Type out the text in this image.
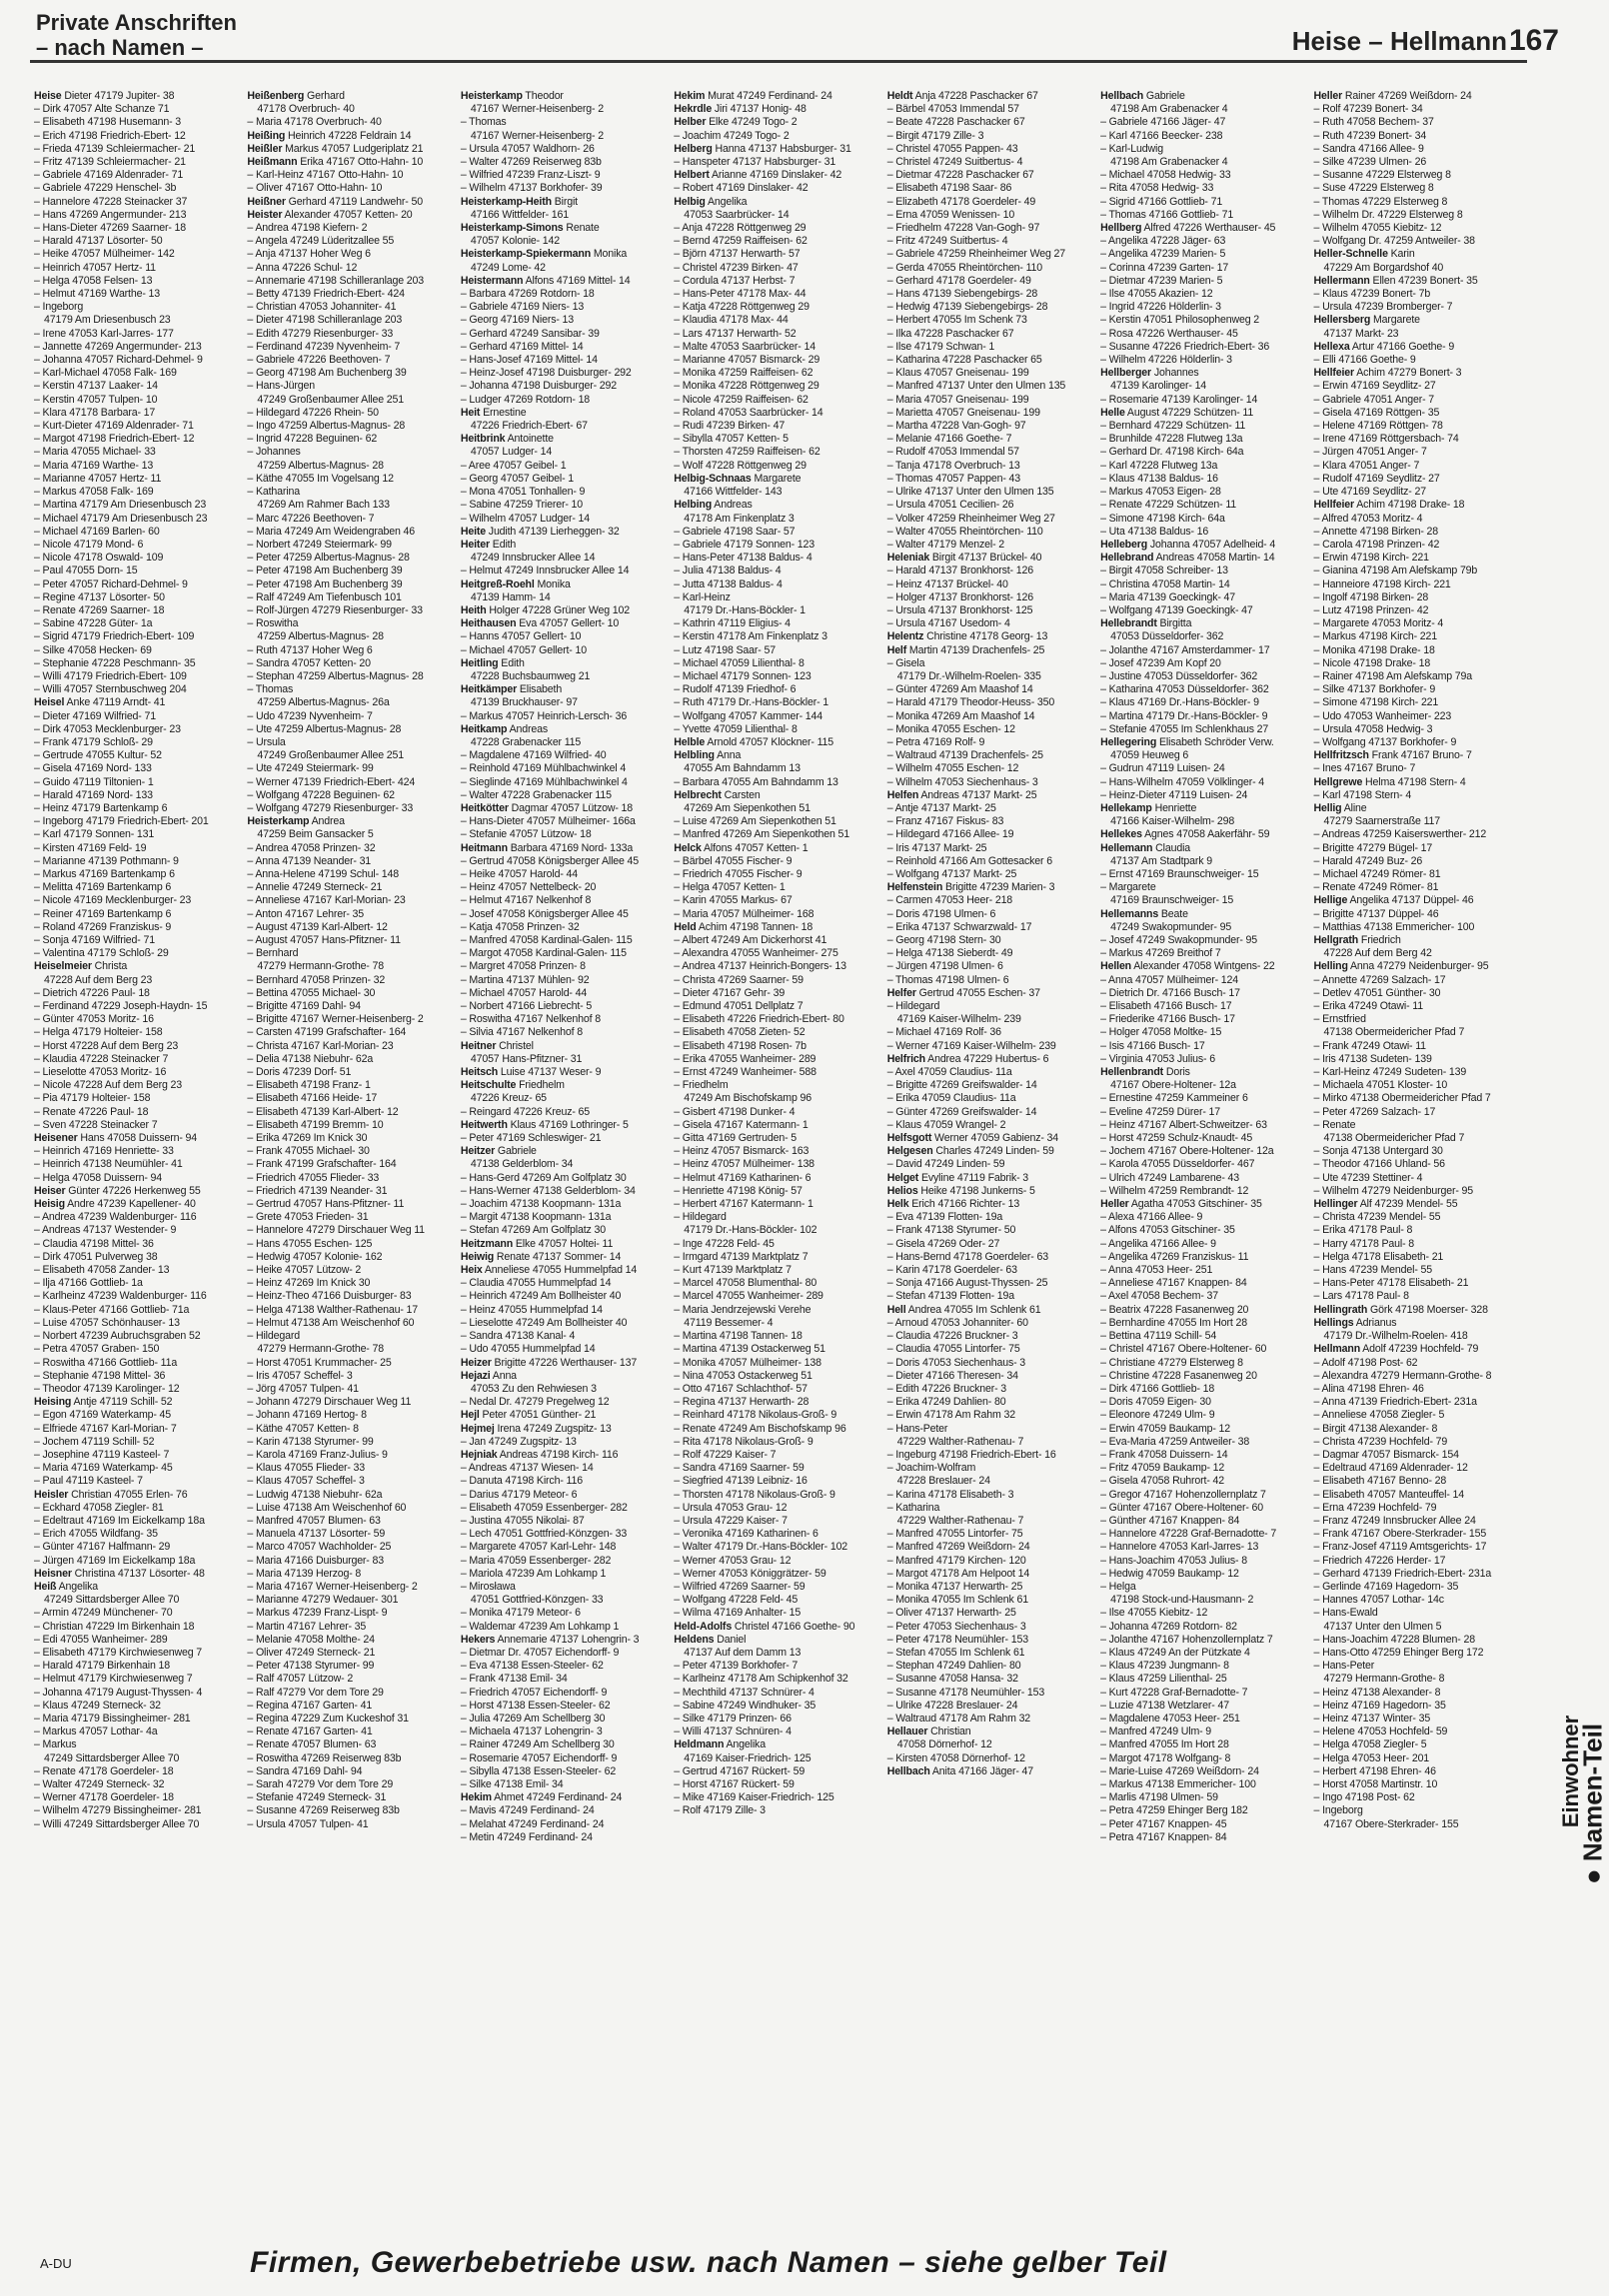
Private Anschriften
– nach Namen –	Heise – Hellmann 167
Heise Dieter 47179 Jupiter- 38
– Dirk 47057 Alte Schanze 71
– Elisabeth 47198 Husemann- 3
– Erich 47198 Friedrich-Ebert- 12
– Frieda 47139 Schleiermacher- 21
– Fritz 47139 Schleiermacher- 21
– Gabriele 47169 Aldenrader- 71
– Gabriele 47229 Henschel- 3b
– Hannelore 47228 Steinacker 37
– Hans 47269 Angermunder- 213
– Hans-Dieter 47269 Saarner- 18
– Harald 47137 Lösorter- 50
– Heike 47057 Mülheimer- 142
– Heinrich 47057 Hertz- 11
– Helga 47058 Felsen- 13
– Helmut 47169 Warthe- 13
– Ingeborg
47179 Am Driesenbusch 23
– Irene 47053 Karl-Jarres- 177
– Jannette 47269 Angermunder- 213
– Johanna 47057 Richard-Dehmel- 9
– Karl-Michael 47058 Falk- 169
– Kerstin 47137 Laaker- 14
– Kerstin 47057 Tulpen- 10
– Klara 47178 Barbara- 17
– Kurt-Dieter 47169 Aldenrader- 71
– Margot 47198 Friedrich-Ebert- 12
– Maria 47055 Michael- 33
– Maria 47169 Warthe- 13
– Marianne 47057 Hertz- 11
– Markus 47058 Falk- 169
– Martina 47179 Am Driesenbusch 23
– Michael 47179 Am Driesenbusch 23
– Michael 47169 Barlen- 60
– Nicole 47179 Mond- 6
– Nicole 47178 Oswald- 109
– Paul 47055 Dorn- 15
– Peter 47057 Richard-Dehmel- 9
– Regine 47137 Lösorter- 50
– Renate 47269 Saarner- 18
– Sabine 47228 Güter- 1a
– Sigrid 47179 Friedrich-Ebert- 109
– Silke 47058 Hecken- 69
– Stephanie 47228 Peschmann- 35
– Willi 47179 Friedrich-Ebert- 109
– Willi 47057 Sternbuschweg 204
Heisel Anke 47119 Arndt- 41
– Dieter 47169 Wilfried- 71
– Dirk 47053 Mecklenburger- 23
– Frank 47179 Schloß- 29
– Gertrude 47055 Kultur- 52
– Gisela 47169 Nord- 133
– Guido 47119 Tiltonien- 1
– Harald 47169 Nord- 133
– Heinz 47179 Bartenkamp 6
– Ingeborg 47179 Friedrich-Ebert- 201
– Karl 47179 Sonnen- 131
– Kirsten 47169 Feld- 19
– Marianne 47139 Pothmann- 9
– Markus 47169 Bartenkamp 6
– Melitta 47169 Bartenkamp 6
– Nicole 47169 Mecklenburger- 23
– Reiner 47169 Bartenkamp 6
– Roland 47269 Franziskus- 9
– Sonja 47169 Wilfried- 71
– Valentina 47179 Schloß- 29
Heiselmeier Christa
47228 Auf dem Berg 23
– Dietrich 47226 Paul- 18
– Ferdinand 47229 Joseph-Haydn- 15
– Günter 47053 Moritz- 16
– Helga 47179 Holteier- 158
– Horst 47228 Auf dem Berg 23
– Klaudia 47228 Steinacker 7
– Lieselotte 47053 Moritz- 16
– Nicole 47228 Auf dem Berg 23
– Pia 47179 Holteier- 158
– Renate 47226 Paul- 18
– Sven 47228 Steinacker 7
Heisener Hans 47058 Duissern- 94
– Heinrich 47169 Henriette- 33
– Heinrich 47138 Neumühler- 41
– Helga 47058 Duissern- 94
Heiser Günter 47226 Herkenweg 55
Heisig Andre 47239 Kapellener- 40
– Andrea 47239 Waldenburger- 116
– Andreas 47137 Westender- 9
– Claudia 47198 Mittel- 36
– Dirk 47051 Pulverweg 38
– Elisabeth 47058 Zander- 13
– Ilja 47166 Gottlieb- 1a
– Karlheinz 47239 Waldenburger- 116
– Klaus-Peter 47166 Gottlieb- 71a
– Luise 47057 Schönhauser- 13
– Norbert 47239 Aubruchsgraben 52
– Petra 47057 Graben- 150
– Roswitha 47166 Gottlieb- 11a
– Stephanie 47198 Mittel- 36
– Theodor 47139 Karolinger- 12
Heising Antje 47119 Schill- 52
– Egon 47169 Waterkamp- 45
– Elfriede 47167 Karl-Morian- 7
– Jochem 47119 Schill- 52
– Josephine 47119 Kasteel- 7
– Maria 47169 Waterkamp- 45
– Paul 47119 Kasteel- 7
Heisler Christian 47055 Erlen- 76
– Eckhard 47058 Ziegler- 81
– Edeltraut 47169 Im Eickelkamp 18a
– Erich 47055 Wildfang- 35
– Günter 47167 Halfmann- 29
– Jürgen 47169 Im Eickelkamp 18a
Heisner Christina 47137 Lösorter- 48
Heiß Angelika
47249 Sittardsberger Allee 70
– Armin 47249 Münchener- 70
– Christian 47229 Im Birkenhain 18
– Edi 47055 Wanheimer- 289
– Elisabeth 47179 Kirchwiesenweg 7
– Harald 47179 Birkenhain 18
– Helmut 47179 Kirchwiesenweg 7
– Johanna 47179 August-Thyssen- 4
– Klaus 47249 Sterneck- 32
– Maria 47179 Bissingheimer- 281
– Markus 47057 Lothar- 4a
– Markus
47249 Sittardsberger Allee 70
– Renate 47178 Goerdeler- 18
– Walter 47249 Sterneck- 32
– Werner 47178 Goerdeler- 18
– Wilhelm 47279 Bissingheimer- 281
– Willi 47249 Sittardsberger Allee 70
Heißenberg Gerhard
47178 Overbruch- 40
– Maria 47178 Overbruch- 40
Heißing Heinrich 47228 Feldrain 14
Heißler Markus 47057 Ludgeriplatz 21
Heißmann Erika 47167 Otto-Hahn- 10
– Karl-Heinz 47167 Otto-Hahn- 10
– Oliver 47167 Otto-Hahn- 10
Heißner Gerhard 47119 Landwehr- 50
Heister Alexander 47057 Ketten- 20
– Andrea 47198 Kiefern- 2
– Angela 47249 Lüderitzallee 55
– Anja 47137 Hoher Weg 6
– Anna 47226 Schul- 12
– Annemarie 47198 Schilleranlage 203
– Betty 47139 Friedrich-Ebert- 424
– Christian 47053 Johanniter- 41
– Dieter 47198 Schilleranlage 203
– Edith 47279 Riesenburger- 33
– Ferdinand 47239 Nyvenheim- 7
– Gabriele 47226 Beethoven- 7
– Georg 47198 Am Buchenberg 39
– Hans-Jürgen
47249 Großenbaumer Allee 251
– Hildegard 47226 Rhein- 50
– Ingo 47259 Albertus-Magnus- 28
– Ingrid 47228 Beguinen- 62
– Johannes
47259 Albertus-Magnus- 28
– Käthe 47055 Im Vogelsang 12
– Katharina
47269 Am Rahmer Bach 133
– Marc 47226 Beethoven- 7
– Maria 47249 Am Weidengraben 46
– Norbert 47249 Steiermark- 99
– Peter 47259 Albertus-Magnus- 28
– Peter 47198 Am Buchenberg 39
– Peter 47198 Am Buchenberg 39
– Ralf 47249 Am Tiefenbusch 101
– Rolf-Jürgen 47279 Riesenburger- 33
– Roswitha
47259 Albertus-Magnus- 28
– Ruth 47137 Hoher Weg 6
– Sandra 47057 Ketten- 20
– Stephan 47259 Albertus-Magnus- 28
– Thomas
47259 Albertus-Magnus- 26a
– Udo 47239 Nyvenheim- 7
– Ute 47259 Albertus-Magnus- 28
– Ursula
47249 Großenbaumer Allee 251
– Ute 47249 Steiermark- 99
– Werner 47139 Friedrich-Ebert- 424
– Wolfgang 47228 Beguinen- 62
– Wolfgang 47279 Riesenburger- 33
Heisterkamp Andrea
47259 Beim Gansacker 5
– Andrea 47058 Prinzen- 32
– Anna 47139 Neander- 31
– Anna-Helene 47199 Schul- 148
– Annelie 47249 Sterneck- 21
– Anneliese 47167 Karl-Morian- 23
– Anton 47167 Lehrer- 35
– August 47139 Karl-Albert- 12
– August 47057 Hans-Pfitzner- 11
– Bernhard
47279 Hermann-Grothe- 78
– Bernhard 47058 Prinzen- 32
– Bettina 47055 Michael- 30
– Brigitte 47169 Dahl- 94
– Brigitte 47167 Werner-Heisenberg- 2
– Carsten 47199 Grafschafter- 164
– Christa 47167 Karl-Morian- 23
– Delia 47138 Niebuhr- 62a
– Doris 47239 Dorf- 51
– Elisabeth 47198 Franz- 1
– Elisabeth 47166 Heide- 17
– Elisabeth 47139 Karl-Albert- 12
– Elisabeth 47199 Bremm- 10
– Erika 47269 Im Knick 30
– Frank 47055 Michael- 30
– Frank 47199 Grafschafter- 164
– Friedrich 47055 Flieder- 33
– Friedrich 47139 Neander- 31
– Gertrud 47057 Hans-Pfitzner- 11
– Grete 47053 Frieden- 31
– Hannelore 47279 Dirschauer Weg 11
– Hans 47055 Eschen- 125
– Hedwig 47057 Kolonie- 162
– Heike 47057 Lützow- 2
– Heinz 47269 Im Knick 30
– Heinz-Theo 47166 Duisburger- 83
– Helga 47138 Walther-Rathenau- 17
– Helmut 47138 Am Weischenhof 60
– Hildegard
47279 Hermann-Grothe- 78
– Horst 47051 Krummacher- 25
– Iris 47057 Scheffel- 3
– Jörg 47057 Tulpen- 41
– Johann 47279 Dirschauer Weg 11
– Johann 47169 Hertog- 8
– Käthe 47057 Ketten- 8
– Karin 47138 Styrumer- 99
– Karola 47169 Franz-Julius- 9
– Klaus 47055 Flieder- 33
– Klaus 47057 Scheffel- 3
– Ludwig 47138 Niebuhr- 62a
– Luise 47138 Am Weischenhof 60
– Manfred 47057 Blumen- 63
– Manuela 47137 Lösorter- 59
– Marco 47057 Wachholder- 25
– Maria 47166 Duisburger- 83
– Maria 47139 Herzog- 8
– Maria 47167 Werner-Heisenberg- 2
– Marianne 47279 Wedauer- 301
– Markus 47239 Franz-Lispt- 9
– Martin 47167 Lehrer- 35
– Melanie 47058 Molthe- 24
– Oliver 47249 Sterneck- 21
– Peter 47138 Styrumer- 99
– Ralf 47057 Lützow- 2
– Ralf 47279 Vor dem Tore 29
– Regina 47167 Garten- 41
– Regina 47229 Zum Kuckeshof 31
– Renate 47167 Garten- 41
– Renate 47057 Blumen- 63
– Roswitha 47269 Reiserweg 83b
– Sandra 47169 Dahl- 94
– Sarah 47279 Vor dem Tore 29
– Stefanie 47249 Sterneck- 31
– Susanne 47269 Reiserweg 83b
– Ursula 47057 Tulpen- 41
Heisterkamp Theodor
47167 Werner-Heisenberg- 2
– Thomas
47167 Werner-Heisenberg- 2
– Ursula 47057 Waldhorn- 26
– Walter 47269 Reiserweg 83b
– Wilfried 47239 Franz-Liszt- 9
– Wilhelm 47137 Borkhofer- 39
Heisterkamp-Heith Birgit
47166 Wittfelder- 161
Heisterkamp-Simons Renate
47057 Kolonie- 142
Heisterkamp-Spiekermann Monika
47249 Lome- 42
Heistermann Alfons 47169 Mittel- 14
– Barbara 47269 Rotdorn- 18
– Gabriele 47169 Niers- 13
– Georg 47169 Niers- 13
– Gerhard 47249 Sansibar- 39
– Gerhard 47169 Mittel- 14
– Hans-Josef 47169 Mittel- 14
– Heinz-Josef 47198 Duisburger- 292
– Johanna 47198 Duisburger- 292
– Ludger 47269 Rotdorn- 18
Heit Ernestine
47226 Friedrich-Ebert- 67
Heitbrink Antoinette
47057 Ludger- 14
– Aree 47057 Geibel- 1
– Georg 47057 Geibel- 1
– Mona 47051 Tonhallen- 9
– Sabine 47259 Trierer- 10
– Wilhelm 47057 Ludger- 14
Heite Judith 47139 Lierheggen- 32
Heiter Edith
47249 Innsbrucker Allee 14
– Helmut 47249 Innsbrucker Allee 14
Heitgreß-Roehl Monika
47139 Hamm- 14
Heith Holger 47228 Grüner Weg 102
Heithausen Eva 47057 Gellert- 10
– Hanns 47057 Gellert- 10
– Michael 47057 Gellert- 10
Heitling Edith
47228 Buchsbaumweg 21
Heitkämper Elisabeth
47139 Bruckhauser- 97
– Markus 47057 Heinrich-Lersch- 36
Heitkamp Andreas
47228 Grabenacker 115
– Magdalene 47169 Wilfried- 40
– Reinhold 47169 Mühlbachwinkel 4
– Sieglinde 47169 Mühlbachwinkel 4
– Walter 47228 Grabenacker 115
Heitkötter Dagmar 47057 Lützow- 18
– Hans-Dieter 47057 Mülheimer- 166a
– Stefanie 47057 Lützow- 18
Heitmann Barbara 47169 Nord- 133a
– Gertrud 47058 Königsberger Allee 45
– Heike 47057 Harold- 44
– Heinz 47057 Nettelbeck- 20
– Helmut 47167 Nelkenhof 8
– Josef 47058 Königsberger Allee 45
– Katja 47058 Prinzen- 32
– Manfred 47058 Kardinal-Galen- 115
– Margot 47058 Kardinal-Galen- 115
– Margret 47058 Prinzen- 8
– Martina 47137 Mühlen- 92
– Michael 47057 Harold- 44
– Norbert 47166 Liebrecht- 5
– Roswitha 47167 Nelkenhof 8
– Silvia 47167 Nelkenhof 8
Heitner Christel
47057 Hans-Pfitzner- 31
Heitsch Luise 47137 Weser- 9
Heitschulte Friedhelm
47226 Kreuz- 65
– Reingard 47226 Kreuz- 65
Heitwerth Klaus 47169 Lothringer- 5
– Peter 47169 Schleswiger- 21
Heitzer Gabriele
47138 Gelderblom- 34
– Hans-Gerd 47269 Am Golfplatz 30
– Hans-Werner 47138 Gelderblom- 34
– Joachim 47138 Koopmann- 131a
– Margit 47138 Koopmann- 131a
– Stefan 47269 Am Golfplatz 30
Heitzmann Elke 47057 Holtei- 11
Heiwig Renate 47137 Sommer- 14
Heix Anneliese 47055 Hummelpfad 14
– Claudia 47055 Hummelpfad 14
– Heinrich 47249 Am Bollheister 40
– Heinz 47055 Hummelpfad 14
– Lieselotte 47249 Am Bollheister 40
– Sandra 47138 Kanal- 4
– Udo 47055 Hummelpfad 14
Heizer Brigitte 47226 Werthauser- 137
Hejazi Anna
47053 Zu den Rehwiesen 3
– Nedal Dr. 47279 Pregelweg 12
Hejl Peter 47051 Günther- 21
Hejmej Irena 47249 Zugspitz- 13
– Jan 47249 Zugspitz- 13
Hejniak Andreas 47198 Kirch- 116
– Andreas 47137 Wiesen- 14
– Danuta 47198 Kirch- 116
– Darius 47179 Meteor- 6
– Elisabeth 47059 Essenberger- 282
– Justina 47055 Nikolai- 87
– Lech 47051 Gottfried-Könzgen- 33
– Margarete 47057 Karl-Lehr- 148
– Maria 47059 Essenberger- 282
– Mariola 47239 Am Lohkamp 1
– Mirosława
47051 Gottfried-Könzgen- 33
– Monika 47179 Meteor- 6
– Waldemar 47239 Am Lohkamp 1
Hekers Annemarie 47137 Lohengrin- 3
– Dietmar Dr. 47057 Eichendorff- 9
– Eva 47138 Essen-Steeler- 62
– Frank 47138 Emil- 34
– Friedrich 47057 Eichendorff- 9
– Horst 47138 Essen-Steeler- 62
– Julia 47269 Am Schellberg 30
– Michaela 47137 Lohengrin- 3
– Rainer 47249 Am Schellberg 30
– Rosemarie 47057 Eichendorff- 9
– Sibylla 47138 Essen-Steeler- 62
– Silke 47138 Emil- 34
Hekim Ahmet 47249 Ferdinand- 24
– Mavis 47249 Ferdinand- 24
– Melahat 47249 Ferdinand- 24
– Metin 47249 Ferdinand- 24
Hekim Murat 47249 Ferdinand- 24
Hekrdle Jiri 47137 Honig- 48
Helber Elke 47249 Togo- 2
– Joachim 47249 Togo- 2
Helberg Hanna 47137 Habsburger- 31
– Hanspeter 47137 Habsburger- 31
Helbert Arianne 47169 Dinslaker- 42
– Robert 47169 Dinslaker- 42
Helbig Angelika
47053 Saarbrücker- 14
– Anja 47228 Röttgenweg 29
– Bernd 47259 Raiffeisen- 62
– Björn 47137 Herwarth- 57
– Christel 47239 Birken- 47
– Cordula 47137 Herbst- 7
– Hans-Peter 47178 Max- 44
– Katja 47228 Röttgenweg 29
– Klaudia 47178 Max- 44
– Lars 47137 Herwarth- 52
– Malte 47053 Saarbrücker- 14
– Marianne 47057 Bismarck- 29
– Monika 47259 Raiffeisen- 62
– Monika 47228 Röttgenweg 29
– Nicole 47259 Raiffeisen- 62
– Roland 47053 Saarbrücker- 14
– Rudi 47239 Birken- 47
– Sibylla 47057 Ketten- 5
– Thorsten 47259 Raiffeisen- 62
– Wolf 47228 Röttgenweg 29
Helbig-Schnaas Margarete
47166 Wittfelder- 143
Helbing Andreas
47178 Am Finkenplatz 3
– Gabriele 47198 Saar- 57
– Gabriele 47179 Sonnen- 123
– Hans-Peter 47138 Baldus- 4
– Julia 47138 Baldus- 4
– Jutta 47138 Baldus- 4
– Karl-Heinz
47179 Dr.-Hans-Böckler- 1
– Kathrin 47119 Eligius- 4
– Kerstin 47178 Am Finkenplatz 3
– Lutz 47198 Saar- 57
– Michael 47059 Lilienthal- 8
– Michael 47179 Sonnen- 123
– Rudolf 47139 Friedhof- 6
– Ruth 47179 Dr.-Hans-Böckler- 1
– Wolfgang 47057 Kammer- 144
– Yvette 47059 Lilienthal- 8
Helble Arnold 47057 Klöckner- 115
Helbling Anna
47055 Am Bahndamm 13
– Barbara 47055 Am Bahndamm 13
Helbrecht Carsten
47269 Am Siepenkothen 51
– Luise 47269 Am Siepenkothen 51
– Manfred 47269 Am Siepenkothen 51
Helck Alfons 47057 Ketten- 1
– Bärbel 47055 Fischer- 9
– Friedrich 47055 Fischer- 9
– Helga 47057 Ketten- 1
– Karin 47055 Markus- 67
– Maria 47057 Mülheimer- 168
Held Achim 47198 Tannen- 18
– Albert 47249 Am Dickerhorst 41
– Alexandra 47055 Wanheimer- 275
– Andrea 47137 Heinrich-Bongers- 13
– Christa 47269 Saarner- 59
– Dieter 47167 Gehr- 39
– Edmund 47051 Dellplatz 7
– Elisabeth 47226 Friedrich-Ebert- 80
– Elisabeth 47058 Zieten- 52
– Elisabeth 47198 Rosen- 7b
– Erika 47055 Wanheimer- 289
– Ernst 47249 Wanheimer- 588
– Friedhelm
47249 Am Bischofskamp 96
– Gisbert 47198 Dunker- 4
– Gisela 47167 Katermann- 1
– Gitta 47169 Gertruden- 5
– Heinz 47057 Bismarck- 163
– Heinz 47057 Mülheimer- 138
– Helmut 47169 Katharinen- 6
– Henriette 47198 König- 57
– Herbert 47167 Katermann- 1
– Hildegard
47179 Dr.-Hans-Böckler- 102
– Inge 47228 Feld- 45
– Irmgard 47139 Marktplatz 7
– Kurt 47139 Marktplatz 7
– Marcel 47058 Blumenthal- 80
– Marcel 47055 Wanheimer- 289
– Maria Jendrzejewski Verehe
47119 Bessemer- 4
– Martina 47198 Tannen- 18
– Martina 47139 Ostackerweg 51
– Monika 47057 Mülheimer- 138
– Nina 47053 Ostackerweg 51
– Otto 47167 Schlachthof- 57
– Regina 47137 Herwarth- 28
– Reinhard 47178 Nikolaus-Groß- 9
– Renate 47249 Am Bischofskamp 96
– Rita 47178 Nikolaus-Groß- 9
– Rolf 47229 Kaiser- 7
– Sandra 47169 Saarner- 59
– Siegfried 47139 Leibniz- 16
– Thorsten 47178 Nikolaus-Groß- 9
– Ursula 47053 Grau- 12
– Ursula 47229 Kaiser- 7
– Veronika 47169 Katharinen- 6
– Walter 47179 Dr.-Hans-Böckler- 102
– Werner 47053 Grau- 12
– Werner 47053 Königgrätzer- 59
– Wilfried 47269 Saarner- 59
– Wolfgang 47228 Feld- 45
– Wilma 47169 Anhalter- 15
Held-Adolfs Christel 47166 Goethe- 90
Heldens Daniel
47137 Auf dem Damm 13
– Peter 47139 Borkhofer- 7
– Karlheinz 47178 Am Schipkenhof 32
– Mechthild 47137 Schnürer- 4
– Sabine 47249 Windhuker- 35
– Silke 47179 Prinzen- 66
– Willi 47137 Schnüren- 4
Heldmann Angelika
47169 Kaiser-Friedrich- 125
– Gertrud 47167 Rückert- 59
– Horst 47167 Rückert- 59
– Mike 47169 Kaiser-Friedrich- 125
– Rolf 47179 Zille- 3
Heldt Anja 47228 Paschacker 67
– Bärbel 47053 Immendal 57
– Beate 47228 Paschacker 67
– Birgit 47179 Zille- 3
– Christel 47055 Pappen- 43
– Christel 47249 Suitbertus- 4
– Dietmar 47228 Paschacker 67
– Elisabeth 47198 Saar- 86
– Elizabeth 47178 Goerdeler- 49
– Erna 47059 Wenissen- 10
– Friedhelm 47228 Van-Gogh- 97
– Fritz 47249 Suitbertus- 4
– Gabriele 47259 Rheinheimer Weg 27
– Gerda 47055 Rheintörchen- 110
– Gerhard 47178 Goerdeler- 49
– Hans 47139 Siebengebirgs- 28
– Hedwig 47139 Siebengebirgs- 28
– Herbert 47055 Im Schenk 73
– Ilka 47228 Paschacker 67
– Ilse 47179 Schwan- 1
– Katharina 47228 Paschacker 65
– Klaus 47057 Gneisenau- 199
– Manfred 47137 Unter den Ulmen 135
– Maria 47057 Gneisenau- 199
– Marietta 47057 Gneisenau- 199
– Martha 47228 Van-Gogh- 97
– Melanie 47166 Goethe- 7
– Rudolf 47053 Immendal 57
– Tanja 47178 Overbruch- 13
– Thomas 47057 Pappen- 43
– Ulrike 47137 Unter den Ulmen 135
– Ursula 47051 Cecilien- 26
– Volker 47259 Rheinheimer Weg 27
– Walter 47055 Rheintörchen- 110
– Walter 47179 Menzel- 2
Heleniak Birgit 47137 Brückel- 40
– Harald 47137 Bronkhorst- 126
– Heinz 47137 Brückel- 40
– Holger 47137 Bronkhorst- 126
– Ursula 47137 Bronkhorst- 125
– Ursula 47167 Usedom- 4
Helentz Christine 47178 Georg- 13
Helf Martin 47139 Drachenfels- 25
– Gisela
47179 Dr.-Wilhelm-Roelen- 335
– Günter 47269 Am Maashof 14
– Harald 47179 Theodor-Heuss- 350
– Monika 47269 Am Maashof 14
– Monika 47055 Eschen- 12
– Petra 47169 Rolf- 9
– Waltraud 47139 Drachenfels- 25
– Wilhelm 47055 Eschen- 12
– Wilhelm 47053 Siechenhaus- 3
Helfen Andreas 47137 Markt- 25
– Antje 47137 Markt- 25
– Franz 47167 Fiskus- 83
– Hildegard 47166 Allee- 19
– Iris 47137 Markt- 25
– Reinhold 47166 Am Gottesacker 6
– Wolfgang 47137 Markt- 25
Helfenstein Brigitte 47239 Marien- 3
– Carmen 47053 Heer- 218
– Doris 47198 Ulmen- 6
– Erika 47137 Schwarzwald- 17
– Georg 47198 Stern- 30
– Helga 47138 Sieberdt- 49
– Jürgen 47198 Ulmen- 6
– Thomas 47198 Ulmen- 6
Helfer Gertrud 47055 Eschen- 37
– Hildegard
47169 Kaiser-Wilhelm- 239
– Michael 47169 Rolf- 36
– Werner 47169 Kaiser-Wilhelm- 239
Helfrich Andrea 47229 Hubertus- 6
– Axel 47059 Claudius- 11a
– Brigitte 47269 Greifswalder- 14
– Erika 47059 Claudius- 11a
– Günter 47269 Greifswalder- 14
– Klaus 47059 Wrangel- 2
Helfsgott Werner 47059 Gabienz- 34
Helgesen Charles 47249 Linden- 59
– David 47249 Linden- 59
Helget Evyline 47119 Fabrik- 3
Helios Heike 47198 Junkerns- 5
Helk Erich 47166 Richter- 13
– Eva 47139 Flotten- 19a
– Frank 47138 Styrumer- 50
– Gisela 47269 Oder- 27
– Hans-Bernd 47178 Goerdeler- 63
– Karin 47178 Goerdeler- 63
– Sonja 47166 August-Thyssen- 25
– Stefan 47139 Flotten- 19a
Hell Andrea 47055 Im Schlenk 61
– Arnoud 47053 Johanniter- 60
– Claudia 47226 Bruckner- 3
– Claudia 47055 Lintorfer- 75
– Doris 47053 Siechenhaus- 3
– Dieter 47166 Theresen- 34
– Edith 47226 Bruckner- 3
– Erika 47249 Dahlien- 80
– Erwin 47178 Am Rahm 32
– Hans-Peter
47229 Walther-Rathenau- 7
– Ingeburg 47198 Friedrich-Ebert- 16
– Joachim-Wolfram
47228 Breslauer- 24
– Karina 47178 Elisabeth- 3
– Katharina
47229 Walther-Rathenau- 7
– Manfred 47055 Lintorfer- 75
– Manfred 47269 Weißdorn- 24
– Manfred 47179 Kirchen- 120
– Margot 47178 Am Helpoot 14
– Monika 47137 Herwarth- 25
– Monika 47055 Im Schlenk 61
– Oliver 47137 Herwarth- 25
– Peter 47053 Siechenhaus- 3
– Peter 47178 Neumühler- 153
– Stefan 47055 Im Schlenk 61
– Stephan 47249 Dahlien- 80
– Susanne 47058 Hansa- 32
– Susanne 47178 Neumühler- 153
– Ulrike 47228 Breslauer- 24
– Waltraud 47178 Am Rahm 32
Hellauer Christian
47058 Dörnerhof- 12
– Kirsten 47058 Dörnerhof- 12
Hellbach Anita 47166 Jäger- 47
Hellbach Gabriele
47198 Am Grabenacker 4
– Gabriele 47166 Jäger- 47
– Karl 47166 Beecker- 238
– Karl-Ludwig
47198 Am Grabenacker 4
– Michael 47058 Hedwig- 33
– Rita 47058 Hedwig- 33
– Sigrid 47166 Gottlieb- 71
– Thomas 47166 Gottlieb- 71
Hellberg Alfred 47226 Werthauser- 45
– Angelika 47228 Jäger- 63
– Angelika 47239 Marien- 5
– Corinna 47239 Garten- 17
– Dietmar 47239 Marien- 5
– Ilse 47055 Akazien- 12
– Ingrid 47226 Hölderlin- 3
– Kerstin 47051 Philosophenweg 2
– Rosa 47226 Werthauser- 45
– Susanne 47226 Friedrich-Ebert- 36
– Wilhelm 47226 Hölderlin- 3
Hellberger Johannes
47139 Karolinger- 14
– Rosemarie 47139 Karolinger- 14
Helle August 47229 Schützen- 11
– Bernhard 47229 Schützen- 11
– Brunhilde 47228 Flutweg 13a
– Gerhard Dr. 47198 Kirch- 64a
– Karl 47228 Flutweg 13a
– Klaus 47138 Baldus- 16
– Markus 47053 Eigen- 28
– Renate 47229 Schützen- 11
– Simone 47198 Kirch- 64a
– Uta 47138 Baldus- 16
Helleberg Johanna 47057 Adelheid- 4
Hellebrand Andreas 47058 Martin- 14
– Birgit 47058 Schreiber- 13
– Christina 47058 Martin- 14
– Maria 47139 Goeckingk- 47
– Wolfgang 47139 Goeckingk- 47
Hellebrandt Birgitta
47053 Düsseldorfer- 362
– Jolanthe 47167 Amsterdammer- 17
– Josef 47239 Am Kopf 20
– Justine 47053 Düsseldorfer- 362
– Katharina 47053 Düsseldorfer- 362
– Klaus 47169 Dr.-Hans-Böckler- 9
– Martina 47179 Dr.-Hans-Böckler- 9
– Stefanie 47055 Im Schlenkhaus 27
Hellegering Elisabeth Schröder Verw.
47059 Heuweg 6
– Gudrun 47119 Luisen- 24
– Hans-Wilhelm 47059 Völklinger- 4
– Heinz-Dieter 47119 Luisen- 24
Hellekamp Henriette
47166 Kaiser-Wilhelm- 298
Hellekes Agnes 47058 Aakerfähr- 59
Hellemann Claudia
47137 Am Stadtpark 9
– Ernst 47169 Braunschweiger- 15
– Margarete
47169 Braunschweiger- 15
Hellemanns Beate
47249 Swakopmunder- 95
– Josef 47249 Swakopmunder- 95
– Markus 47269 Breithof 7
Hellen Alexander 47058 Wintgens- 22
– Anna 47057 Mülheimer- 124
– Dietrich Dr. 47166 Busch- 17
– Elisabeth 47166 Busch- 17
– Friederike 47166 Busch- 17
– Holger 47058 Moltke- 15
– Isis 47166 Busch- 17
– Virginia 47053 Julius- 6
Hellenbrandt Doris
47167 Obere-Holtener- 12a
– Ernestine 47259 Kammeiner 6
– Eveline 47259 Dürer- 17
– Heinz 47167 Albert-Schweitzer- 63
– Horst 47259 Schulz-Knaudt- 45
– Jochem 47167 Obere-Holtener- 12a
– Karola 47055 Düsseldorfer- 467
– Ulrich 47249 Lambarene- 43
– Wilhelm 47259 Rembrandt- 12
Heller Agatha 47053 Gitschiner- 35
– Alexa 47166 Allee- 9
– Alfons 47053 Gitschiner- 35
– Angelika 47166 Allee- 9
– Angelika 47269 Franziskus- 11
– Anna 47053 Heer- 251
– Anneliese 47167 Knappen- 84
– Axel 47058 Bechem- 37
– Beatrix 47228 Fasanenweg 20
– Bernhardine 47055 Im Hort 28
– Bettina 47119 Schill- 54
– Christel 47167 Obere-Holtener- 60
– Christiane 47279 Elsterweg 8
– Christine 47228 Fasanenweg 20
– Dirk 47166 Gottlieb- 18
– Doris 47059 Eigen- 30
– Eleonore 47249 Ulm- 9
– Erwin 47059 Baukamp- 12
– Eva-Maria 47259 Antweiler- 38
– Frank 47058 Duissern- 14
– Fritz 47059 Baukamp- 12
– Gisela 47058 Ruhrort- 42
– Gregor 47167 Hohenzollernplatz 7
– Günter 47167 Obere-Holtener- 60
– Günther 47167 Knappen- 84
– Hannelore 47228 Graf-Bernadotte- 7
– Hannelore 47053 Karl-Jarres- 13
– Hans-Joachim 47053 Julius- 8
– Hedwig 47059 Baukamp- 12
– Helga
47198 Stock-und-Hausmann- 2
– Ilse 47055 Kiebitz- 12
– Johanna 47269 Rotdorn- 82
– Jolanthe 47167 Hohenzollernplatz 7
– Klaus 47249 An der Pützkate 4
– Klaus 47239 Jungmann- 8
– Klaus 47259 Lilienthal- 25
– Kurt 47228 Graf-Bernadotte- 7
– Luzie 47138 Wetzlarer- 47
– Magdalene 47053 Heer- 251
– Manfred 47249 Ulm- 9
– Manfred 47055 Im Hort 28
– Margot 47178 Wolfgang- 8
– Marie-Luise 47269 Weißdorn- 24
– Markus 47138 Emmericher- 100
– Marlis 47198 Ulmen- 59
– Petra 47259 Ehinger Berg 182
– Peter 47167 Knappen- 45
– Petra 47167 Knappen- 84
Heller Rainer 47269 Weißdorn- 24
– Rolf 47239 Bonert- 34
– Ruth 47058 Bechem- 37
– Ruth 47239 Bonert- 34
– Sandra 47166 Allee- 9
– Silke 47239 Ulmen- 26
– Susanne 47229 Elsterweg 8
– Suse 47229 Elsterweg 8
– Thomas 47229 Elsterweg 8
– Wilhelm Dr. 47229 Elsterweg 8
– Wilhelm 47055 Kiebitz- 12
– Wolfgang Dr. 47259 Antweiler- 38
Heller-Schnelle Karin
47229 Am Borgardshof 40
Hellermann Ellen 47239 Bonert- 35
– Klaus 47239 Bonert- 7b
– Ursula 47239 Bromberger- 7
Hellersberg Margarete
47137 Markt- 23
Hellexa Artur 47166 Goethe- 9
– Elli 47166 Goethe- 9
Hellfeier Achim 47279 Bonert- 3
– Erwin 47169 Seydlitz- 27
– Gabriele 47051 Anger- 7
– Gisela 47169 Röttgen- 35
– Helene 47169 Röttgen- 78
– Irene 47169 Röttgersbach- 74
– Jürgen 47051 Anger- 7
– Klara 47051 Anger- 7
– Rudolf 47169 Seydlitz- 27
– Ute 47169 Seydlitz- 27
Hellfeier Achim 47198 Drake- 18
– Alfred 47053 Moritz- 4
– Annette 47198 Birken- 28
– Carola 47198 Prinzen- 42
– Erwin 47198 Kirch- 221
– Gianina 47198 Am Alefskamp 79b
– Hanneiore 47198 Kirch- 221
– Ingolf 47198 Birken- 28
– Lutz 47198 Prinzen- 42
– Margarete 47053 Moritz- 4
– Markus 47198 Kirch- 221
– Monika 47198 Drake- 18
– Nicole 47198 Drake- 18
– Rainer 47198 Am Alefskamp 79a
– Silke 47137 Borkhofer- 9
– Simone 47198 Kirch- 221
– Udo 47053 Wanheimer- 223
– Ursula 47058 Hedwig- 3
– Wolfgang 47137 Borkhofer- 9
Hellfritzsch Frank 47167 Bruno- 7
– Ines 47167 Bruno- 7
Hellgrewe Helma 47198 Stern- 4
– Karl 47198 Stern- 4
Hellig Aline
47279 Saarnerstraße 117
– Andreas 47259 Kaiserswerther- 212
– Brigitte 47279 Bügel- 17
– Harald 47249 Buz- 26
– Michael 47249 Römer- 81
– Renate 47249 Römer- 81
Hellige Angelika 47137 Düppel- 46
– Brigitte 47137 Düppel- 46
– Matthias 47138 Emmericher- 100
Hellgrath Friedrich
47228 Auf dem Berg 42
Helling Anna 47279 Neidenburger- 95
– Annette 47269 Salzach- 17
– Detlev 47051 Günther- 30
– Erika 47249 Otawi- 11
– Ernstfried
47138 Obermeidericher Pfad 7
– Frank 47249 Otawi- 11
– Iris 47138 Sudeten- 139
– Karl-Heinz 47249 Sudeten- 139
– Michaela 47051 Kloster- 10
– Mirko 47138 Obermeidericher Pfad 7
– Peter 47269 Salzach- 17
– Renate
47138 Obermeidericher Pfad 7
– Sonja 47138 Untergard 30
– Theodor 47166 Uhland- 56
– Ute 47239 Stettiner- 4
– Wilhelm 47279 Neidenburger- 95
Hellinger Alf 47239 Mendel- 55
– Christa 47239 Mendel- 55
– Erika 47178 Paul- 8
– Harry 47178 Paul- 8
– Helga 47178 Elisabeth- 21
– Hans 47239 Mendel- 55
– Hans-Peter 47178 Elisabeth- 21
– Lars 47178 Paul- 8
Hellingrath Görk 47198 Moerser- 328
Hellings Adrianus
47179 Dr.-Wilhelm-Roelen- 418
Hellmann Adolf 47239 Hochfeld- 79
– Adolf 47198 Post- 62
– Alexandra 47279 Hermann-Grothe- 8
– Alina 47198 Ehren- 46
– Anna 47139 Friedrich-Ebert- 231a
– Anneliese 47058 Ziegler- 5
– Birgit 47138 Alexander- 8
– Christa 47239 Hochfeld- 79
– Dagmar 47057 Bismarck- 154
– Edeltraud 47169 Aldenrader- 12
– Elisabeth 47167 Benno- 28
– Elisabeth 47057 Manteuffel- 14
– Erna 47239 Hochfeld- 79
– Franz 47249 Innsbrucker Allee 24
– Frank 47167 Obere-Sterkrader- 155
– Franz-Josef 47119 Amtsgerichts- 17
– Friedrich 47226 Herder- 17
– Gerhard 47139 Friedrich-Ebert- 231a
– Gerlinde 47169 Hagedorn- 35
– Hannes 47057 Lothar- 14c
– Hans-Ewald
47137 Unter den Ulmen 5
– Hans-Joachim 47228 Blumen- 28
– Hans-Otto 47259 Ehinger Berg 172
– Hans-Peter
47279 Hermann-Grothe- 8
– Heinz 47138 Alexander- 8
– Heinz 47169 Hagedorn- 35
– Heinz 47137 Winter- 35
– Helene 47053 Hochfeld- 59
– Helga 47058 Ziegler- 5
– Helga 47053 Heer- 201
– Herbert 47198 Ehren- 46
– Horst 47058 Martinstr. 10
– Ingo 47198 Post- 62
– Ingeborg
47167 Obere-Sterkrader- 155	Einwohner
● Namen-Teil
A-DU	Firmen, Gewerbebetriebe usw. nach Namen – siehe gelber Teil
